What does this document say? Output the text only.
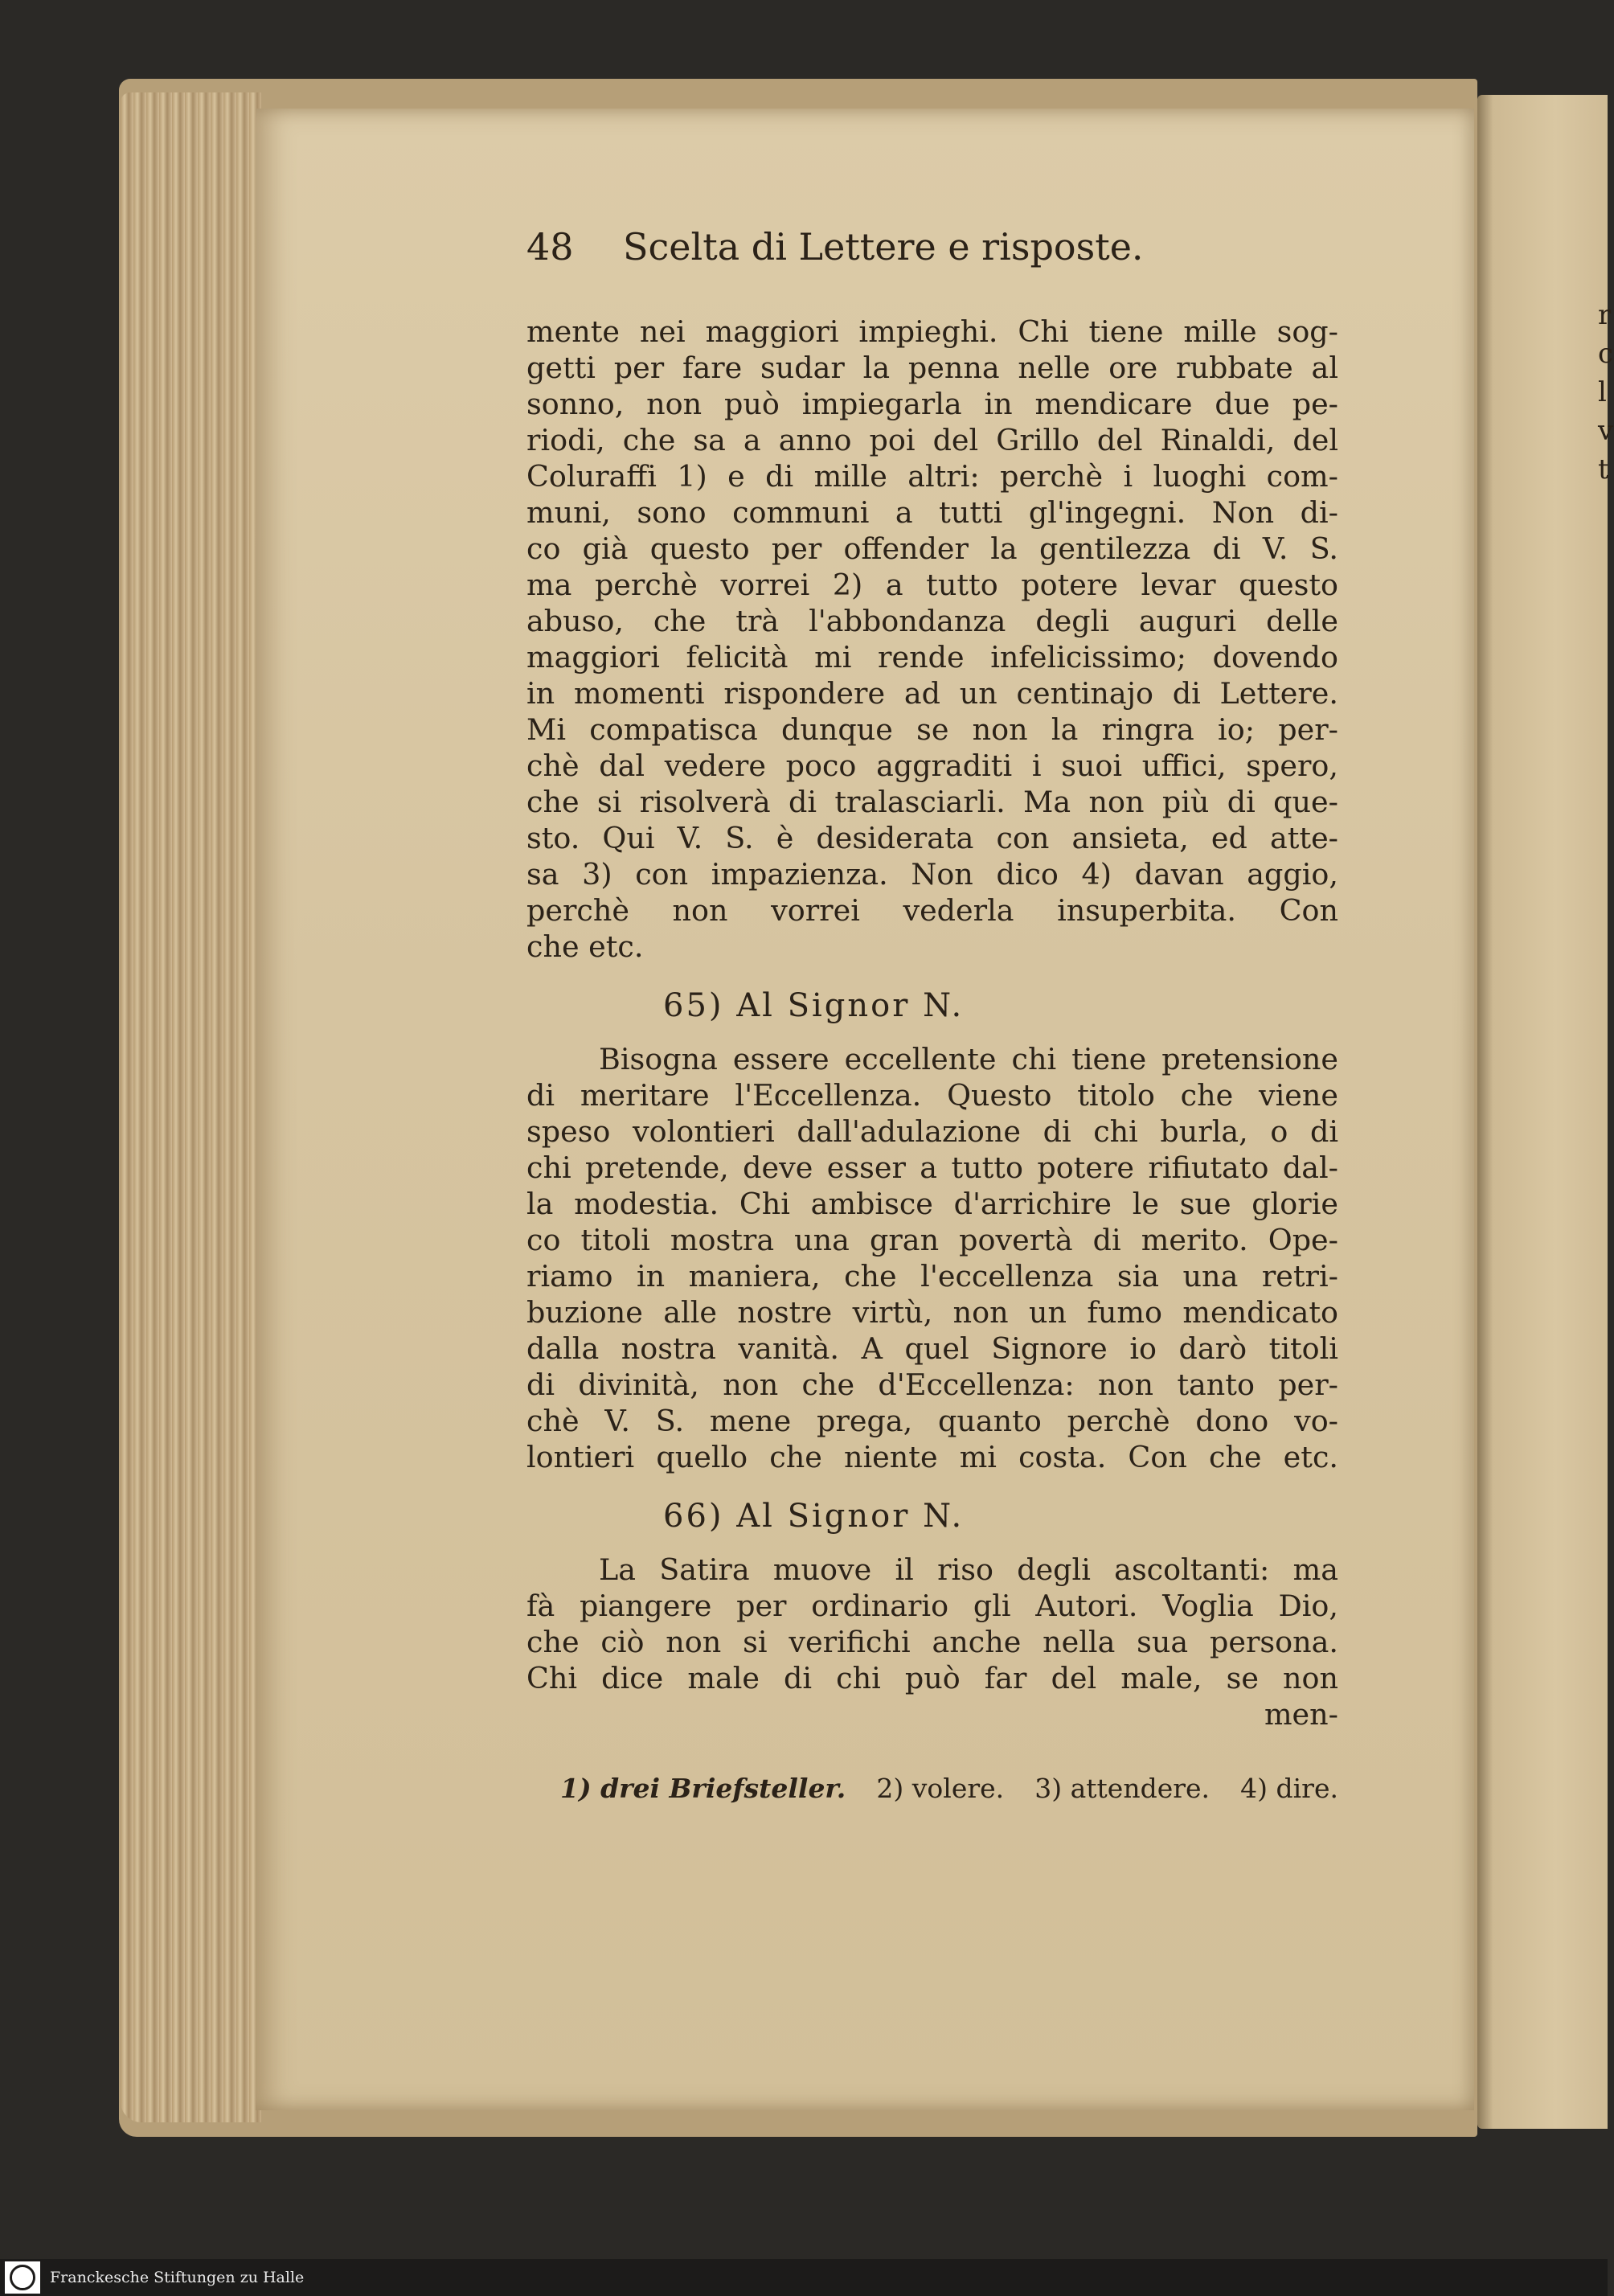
r
c
l
v
t
48	Scelta di Lettere e risposte.
mente nei maggiori impieghi. Chi tiene mille sog-
getti per fare sudar la penna nelle ore rubbate al
sonno, non può impiegarla in mendicare due pe-
riodi, che sa a anno poi del Grillo del Rinaldi, del
Coluraffi 1) e di mille altri: perchè i luoghi com-
muni, sono communi a tutti gl'ingegni. Non di-
co già questo per offender la gentilezza di V. S.
ma perchè vorrei 2) a tutto potere levar questo
abuso, che trà l'abbondanza degli auguri delle
maggiori felicità mi rende infelicissimo; dovendo
in momenti rispondere ad un centinajo di Lettere.
Mi compatisca dunque se non la ringra io; per-
chè dal vedere poco aggraditi i suoi uffici, spero,
che si risolverà di tralasciarli. Ma non più di que-
sto. Qui V. S. è desiderata con ansieta, ed atte-
sa 3) con impazienza. Non dico 4) davan aggio,
perchè non vorrei vederla insuperbita. Con
che etc.
65) Al Signor N.
Bisogna essere eccellente chi tiene pretensione
di meritare l'Eccellenza. Questo titolo che viene
speso volontieri dall'adulazione di chi burla, o di
chi pretende, deve esser a tutto potere rifiutato dal-
la modestia. Chi ambisce d'arrichire le sue glorie
co titoli mostra una gran povertà di merito. Ope-
riamo in maniera, che l'eccellenza sia una retri-
buzione alle nostre virtù, non un fumo mendicato
dalla nostra vanità. A quel Signore io darò titoli
di divinità, non che d'Eccellenza: non tanto per-
chè V. S. mene prega, quanto perchè dono vo-
lontieri quello che niente mi costa. Con che etc.
66) Al Signor N.
La Satira muove il riso degli ascoltanti: ma
fà piangere per ordinario gli Autori. Voglia Dio,
che ciò non si verifichi anche nella sua persona.
Chi dice male di chi può far del male, se non
men-
1) drei Briefsteller. 2) volere. 3) attendere. 4) dire.
Franckesche Stiftungen zu Halle
